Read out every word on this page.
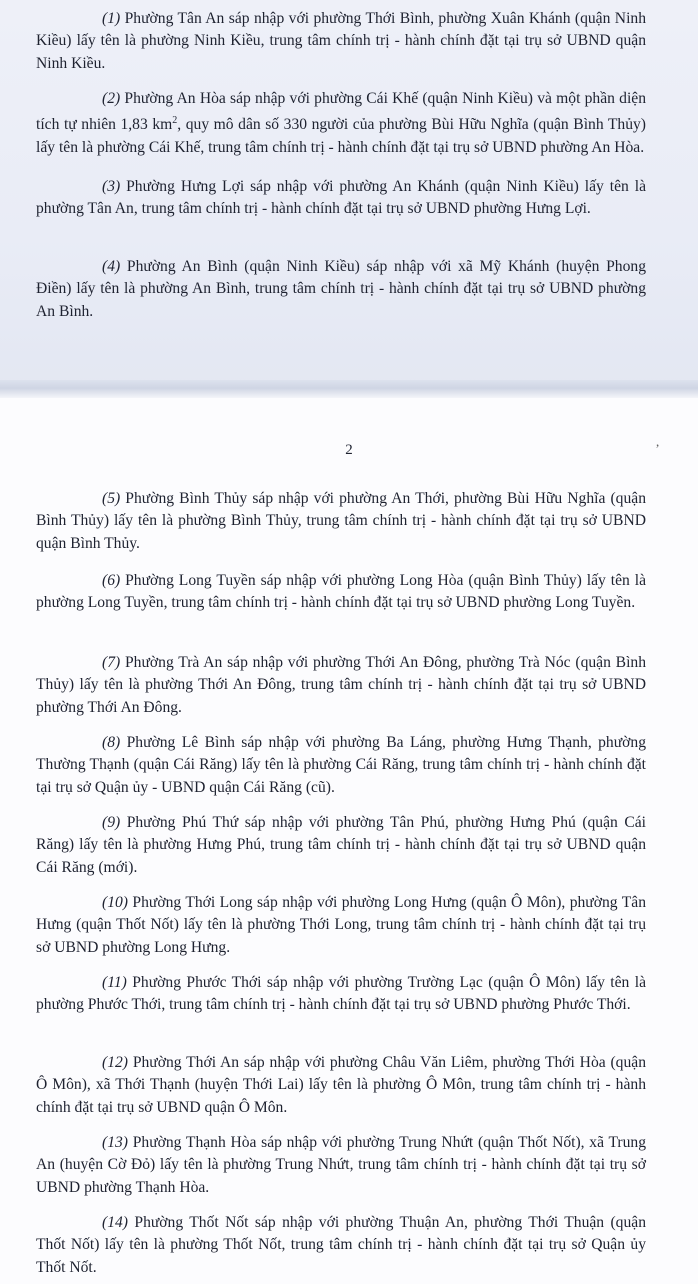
(1) Phường Tân An sáp nhập với phường Thới Bình, phường Xuân Khánh (quận Ninh Kiều) lấy tên là phường Ninh Kiều, trung tâm chính trị - hành chính đặt tại trụ sở UBND quận Ninh Kiều.

(2) Phường An Hòa sáp nhập với phường Cái Khế (quận Ninh Kiều) và một phần diện tích tự nhiên 1,83 $km^2$, quy mô dân số 330 người của phường Bùi Hữu Nghĩa (quận Bình Thủy) lấy tên là phường Cái Khế, trung tâm chính trị - hành chính đặt tại trụ sở UBND phường An Hòa.

(3) Phường Hưng Lợi sáp nhập với phường An Khánh (quận Ninh Kiều) lấy tên là phường Tân An, trung tâm chính trị - hành chính đặt tại trụ sở UBND phường Hưng Lợi.

(4) Phường An Bình (quận Ninh Kiều) sáp nhập với xã Mỹ Khánh (huyện Phong Điền) lấy tên là phường An Bình, trung tâm chính trị - hành chính đặt tại trụ sở UBND phường An Bình.

2
,

(5) Phường Bình Thủy sáp nhập với phường An Thới, phường Bùi Hữu Nghĩa (quận Bình Thủy) lấy tên là phường Bình Thủy, trung tâm chính trị - hành chính đặt tại trụ sở UBND quận Bình Thủy.

(6) Phường Long Tuyền sáp nhập với phường Long Hòa (quận Bình Thủy) lấy tên là phường Long Tuyền, trung tâm chính trị - hành chính đặt tại trụ sở UBND phường Long Tuyền.

(7) Phường Trà An sáp nhập với phường Thới An Đông, phường Trà Nóc (quận Bình Thủy) lấy tên là phường Thới An Đông, trung tâm chính trị - hành chính đặt tại trụ sở UBND phường Thới An Đông.

(8) Phường Lê Bình sáp nhập với phường Ba Láng, phường Hưng Thạnh, phường Thường Thạnh (quận Cái Răng) lấy tên là phường Cái Răng, trung tâm chính trị - hành chính đặt tại trụ sở Quận ủy - UBND quận Cái Răng (cũ).

(9) Phường Phú Thứ sáp nhập với phường Tân Phú, phường Hưng Phú (quận Cái Răng) lấy tên là phường Hưng Phú, trung tâm chính trị - hành chính đặt tại trụ sở UBND quận Cái Răng (mới).

(10) Phường Thới Long sáp nhập với phường Long Hưng (quận Ô Môn), phường Tân Hưng (quận Thốt Nốt) lấy tên là phường Thới Long, trung tâm chính trị - hành chính đặt tại trụ sở UBND phường Long Hưng.

(11) Phường Phước Thới sáp nhập với phường Trường Lạc (quận Ô Môn) lấy tên là phường Phước Thới, trung tâm chính trị - hành chính đặt tại trụ sở UBND phường Phước Thới.

(12) Phường Thới An sáp nhập với phường Châu Văn Liêm, phường Thới Hòa (quận Ô Môn), xã Thới Thạnh (huyện Thới Lai) lấy tên là phường Ô Môn, trung tâm chính trị - hành chính đặt tại trụ sở UBND quận Ô Môn.

(13) Phường Thạnh Hòa sáp nhập với phường Trung Nhứt (quận Thốt Nốt), xã Trung An (huyện Cờ Đỏ) lấy tên là phường Trung Nhứt, trung tâm chính trị - hành chính đặt tại trụ sở UBND phường Thạnh Hòa.

(14) Phường Thốt Nốt sáp nhập với phường Thuận An, phường Thới Thuận (quận Thốt Nốt) lấy tên là phường Thốt Nốt, trung tâm chính trị - hành chính đặt tại trụ sở Quận ủy Thốt Nốt.
